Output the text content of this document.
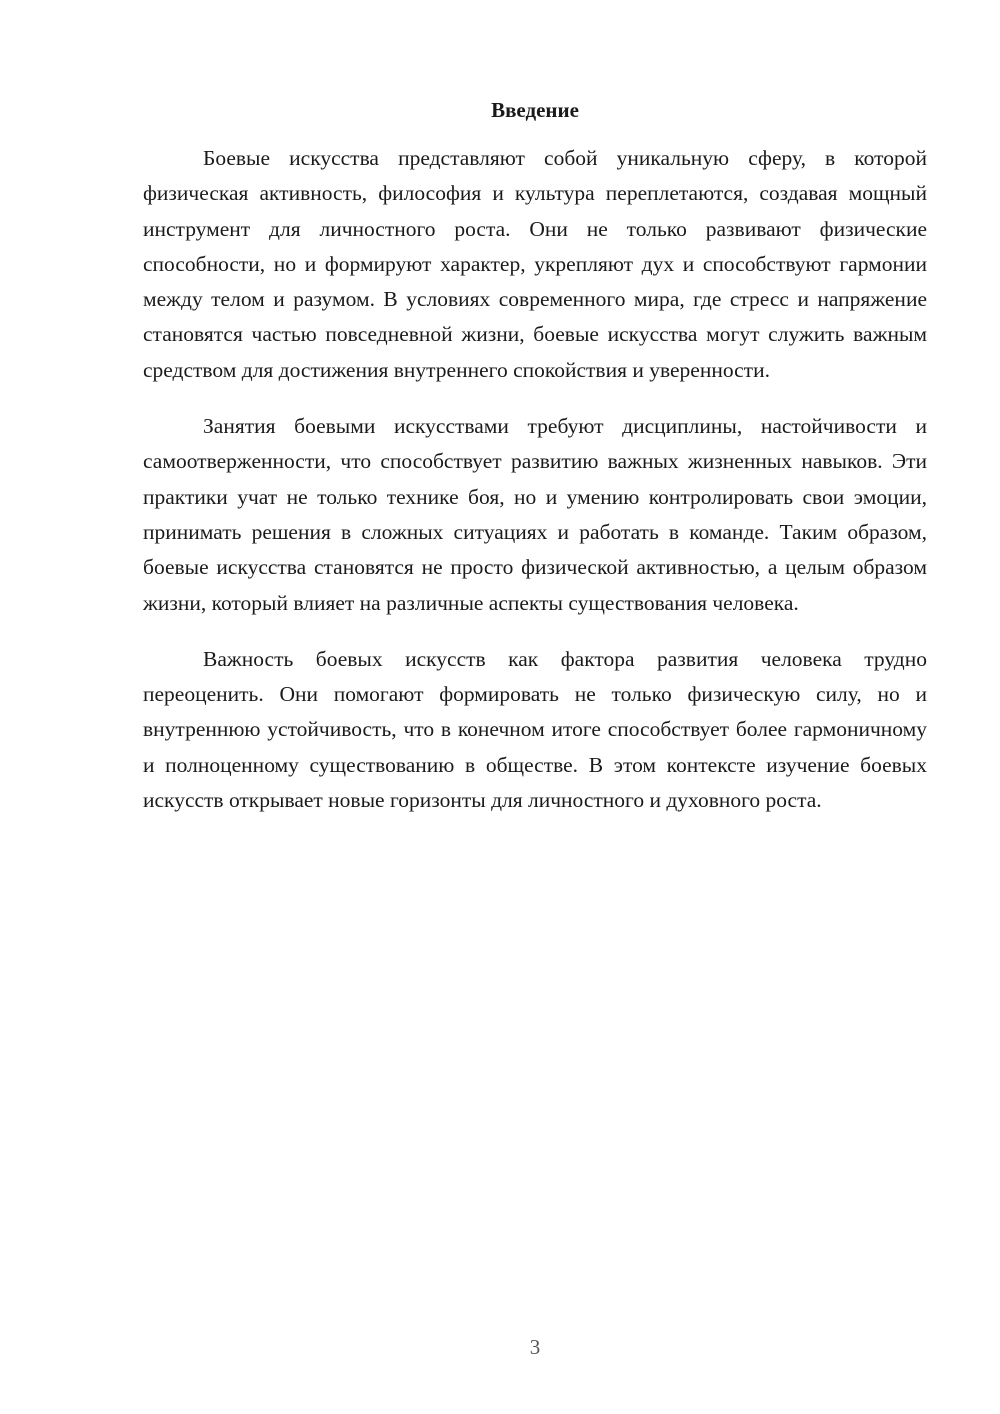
Введение

Боевые искусства представляют собой уникальную сферу, в которой физическая активность, философия и культура переплетаются, создавая мощный инструмент для личностного роста. Они не только развивают физические способности, но и формируют характер, укрепляют дух и способствуют гармонии между телом и разумом. В условиях современного мира, где стресс и напряжение становятся частью повседневной жизни, боевые искусства могут служить важным средством для достижения внутреннего спокойствия и уверенности.

Занятия боевыми искусствами требуют дисциплины, настойчивости и самоотверженности, что способствует развитию важных жизненных навыков. Эти практики учат не только технике боя, но и умению контролировать свои эмоции, принимать решения в сложных ситуациях и работать в команде. Таким образом, боевые искусства становятся не просто физической активностью, а целым образом жизни, который влияет на различные аспекты существования человека.

Важность боевых искусств как фактора развития человека трудно переоценить. Они помогают формировать не только физическую силу, но и внутреннюю устойчивость, что в конечном итоге способствует более гармоничному и полноценному существованию в обществе. В этом контексте изучение боевых искусств открывает новые горизонты для личностного и духовного роста.

3
